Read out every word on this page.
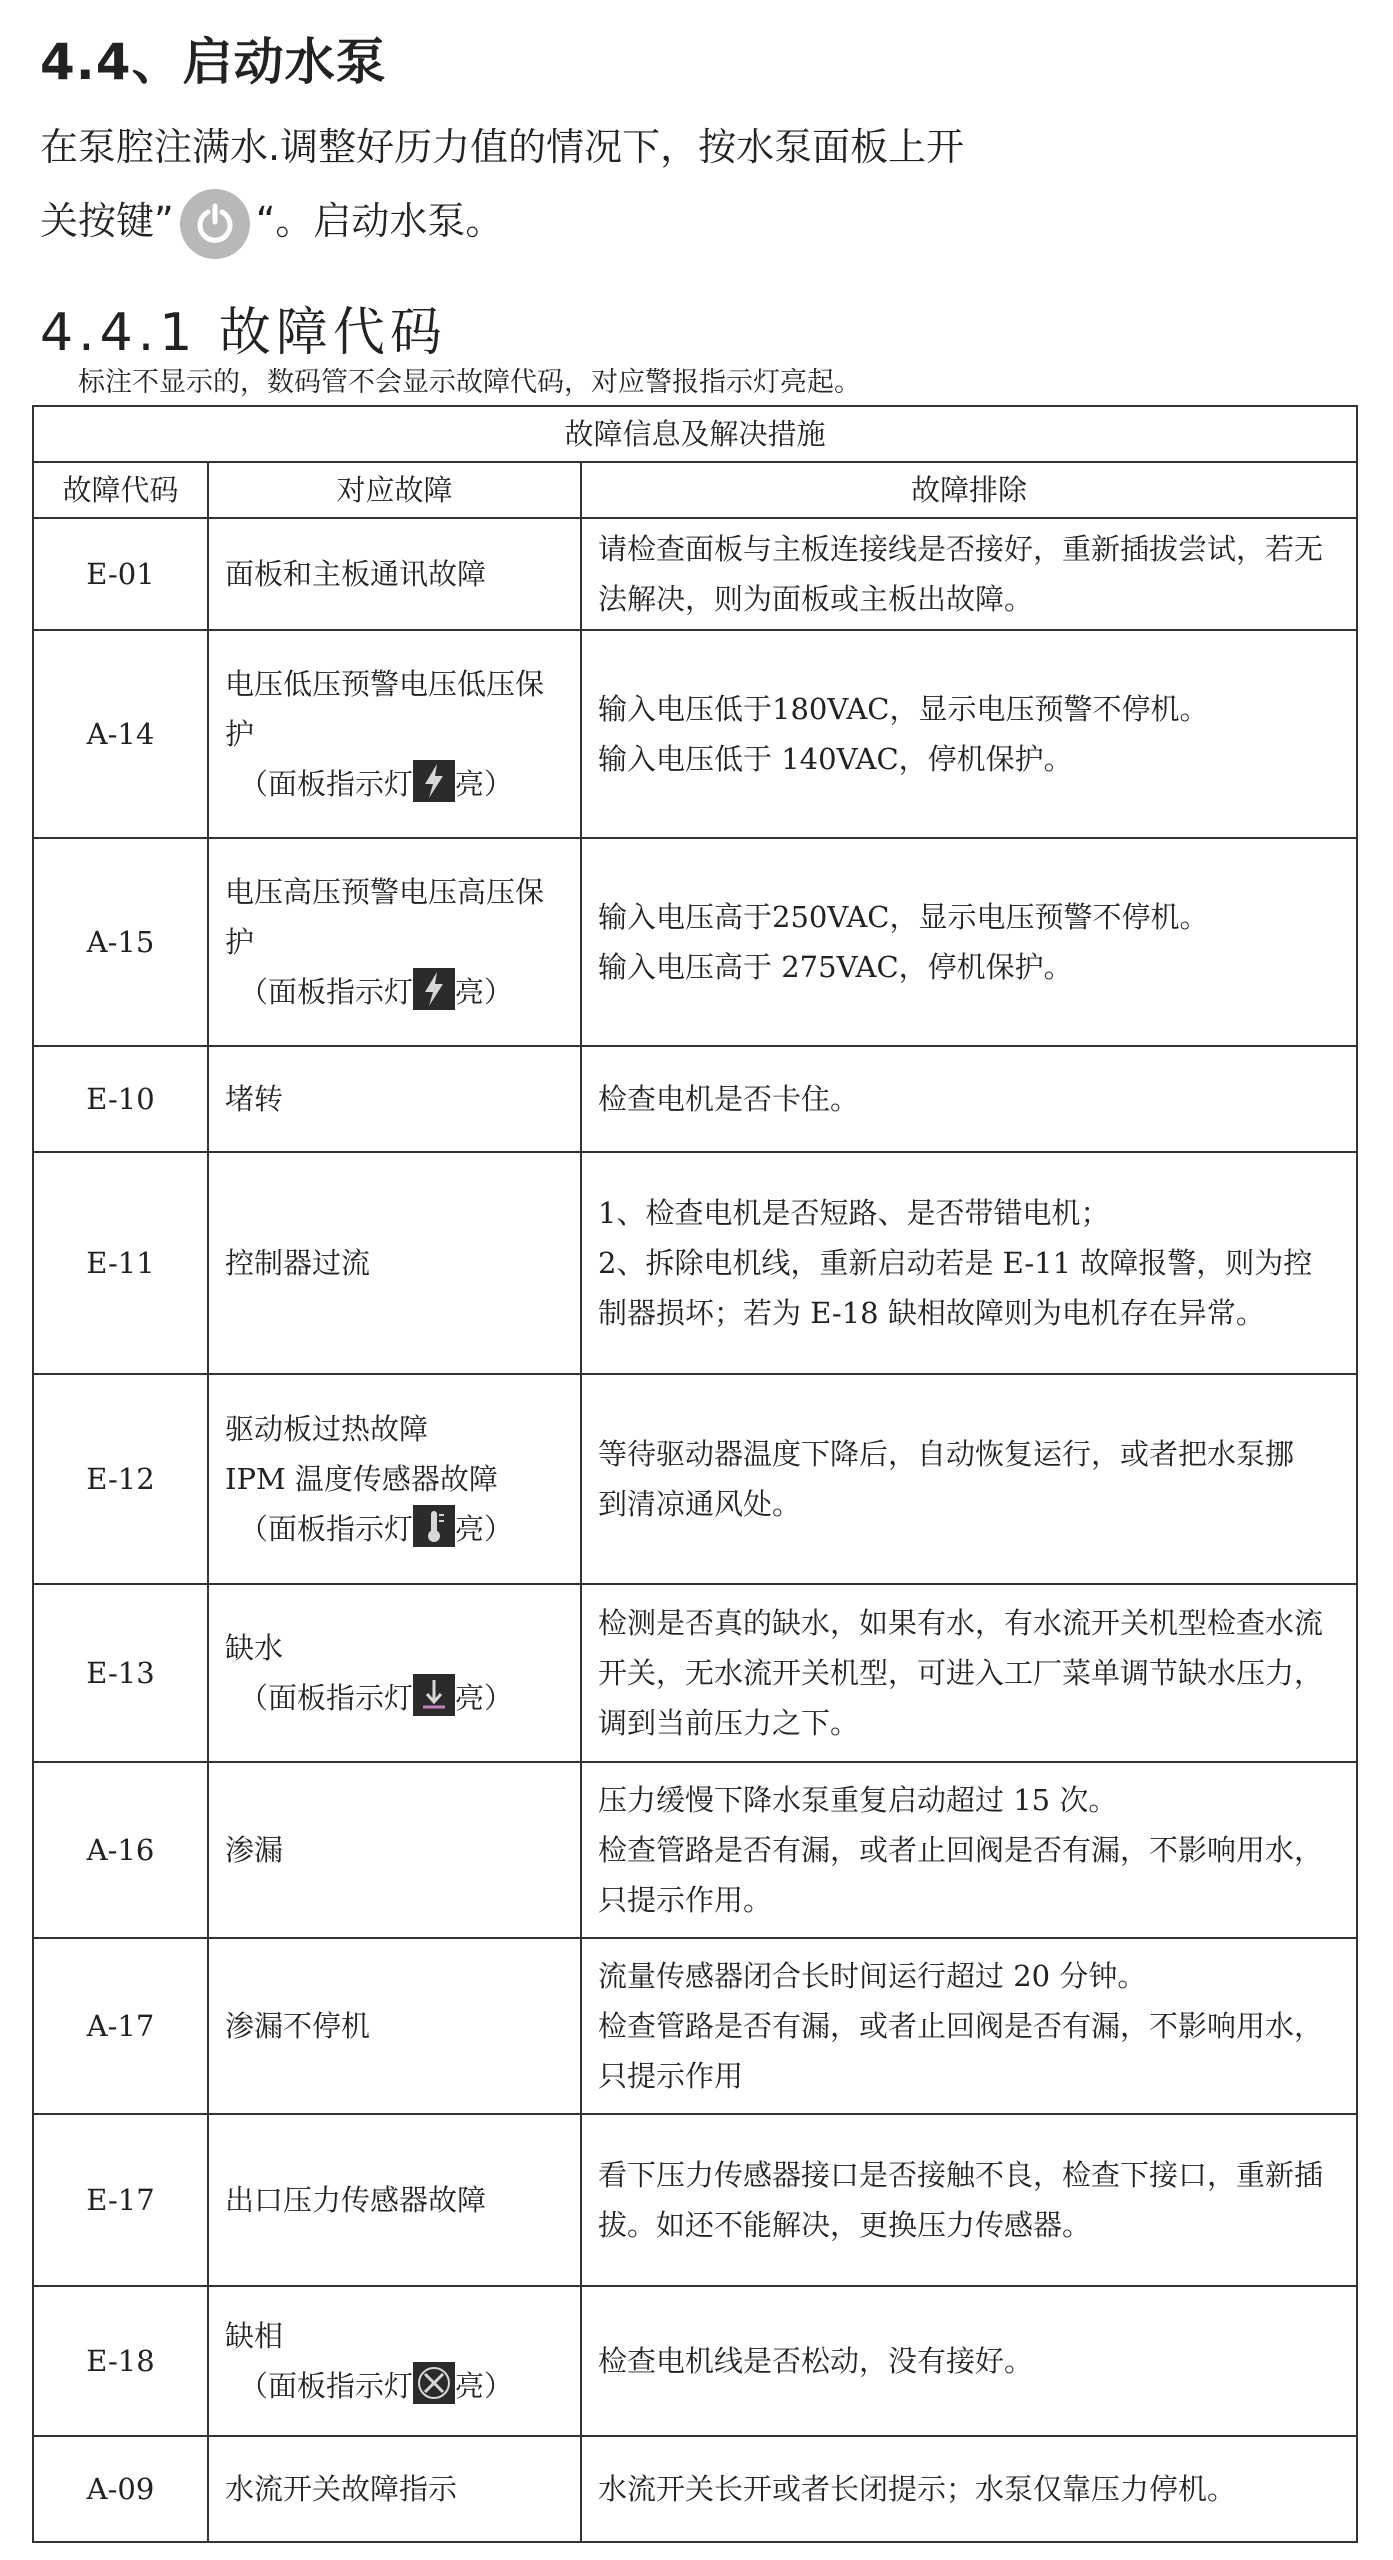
4.4、启动水泵
在泵腔注满水.调整好历力值的情况下，按水泵面板上开
关按键” “。启动水泵。
4.4.1 故障代码
标注不显示的，数码管不会显示故障代码，对应警报指示灯亮起。
故障信息及解决措施		
故障代码	对应故障	故障排除
E-01	面板和主板通讯故障	请检查面板与主板连接线是否接好，重新插拔尝试，若无法解决，则为面板或主板出故障。

A-14	电压低压预警电压低压保护
（面板指示灯 亮）	输入电压低于180VAC，显示电压预警不停机。
输入电压低于 140VAC，停机保护。

A-15	电压高压预警电压高压保护
（面板指示灯 亮）	输入电压高于250VAC，显示电压预警不停机。
输入电压高于 275VAC，停机保护。

E-10	堵转	检查电机是否卡住。

E-11	控制器过流	1、检查电机是否短路、是否带错电机；
2、拆除电机线，重新启动若是 E-11 故障报警，则为控制器损坏；若为 E-18 缺相故障则为电机存在异常。

E-12	驱动板过热故障
IPM 温度传感器故障
（面板指示灯 亮）	等待驱动器温度下降后，自动恢复运行，或者把水泵挪
到清凉通风处。

E-13	缺水
（面板指示灯 亮）	检测是否真的缺水，如果有水，有水流开关机型检查水流开关，无水流开关机型，可进入工厂菜单调节缺水压力，调到当前压力之下。

A-16	渗漏	压力缓慢下降水泵重复启动超过 15 次。
检查管路是否有漏，或者止回阀是否有漏，不影响用水，只提示作用。

A-17	渗漏不停机	流量传感器闭合长时间运行超过 20 分钟。
检查管路是否有漏，或者止回阀是否有漏，不影响用水，只提示作用

E-17	出口压力传感器故障	看下压力传感器接口是否接触不良，检查下接口，重新插拔。如还不能解决，更换压力传感器。

E-18	缺相
（面板指示灯 亮）	检查电机线是否松动，没有接好。

A-09	水流开关故障指示	水流开关长开或者长闭提示；水泵仅靠压力停机。
